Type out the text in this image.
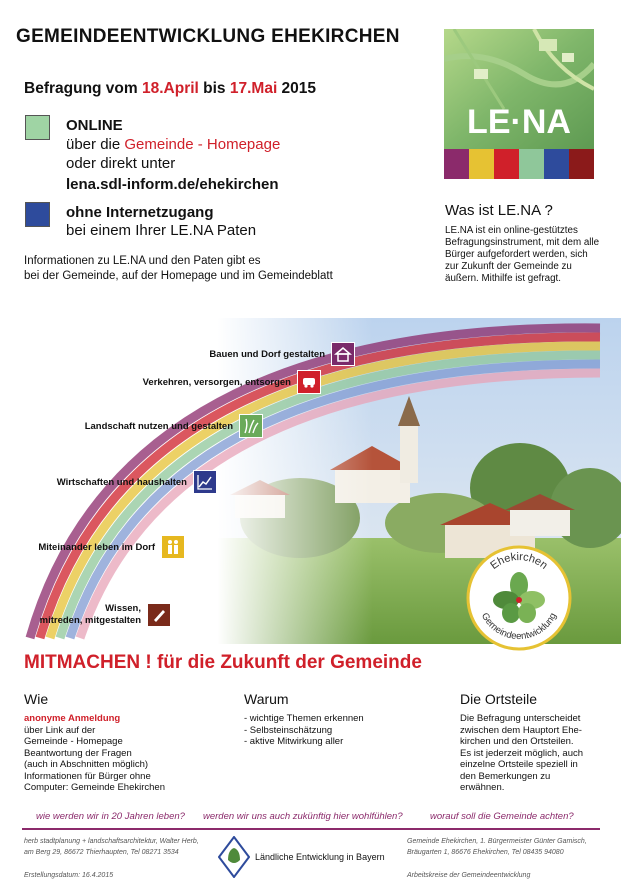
GEMEINDEENTWICKLUNG EHEKIRCHEN
Befragung vom 18.April bis 17.Mai 2015
ONLINE
über die Gemeinde - Homepage
oder direkt unter
lena.sdl-inform.de/ehekirchen
ohne Internetzugang
bei einem Ihrer LE.NA Paten
Informationen zu LE.NA und den Paten gibt es
bei der Gemeinde, auf der Homepage und im Gemeindeblatt
LE·NA
Was ist LE.NA ?
LE.NA ist ein online-gestütztes Befragungsinstrument, mit dem alle Bürger aufgefordert werden, sich zur Zukunft der Gemeinde zu äußern. Mithilfe ist gefragt.
Bauen und Dorf gestalten
Verkehren, versorgen, entsorgen
Landschaft nutzen und gestalten
Wirtschaften und haushalten
Miteinander leben im Dorf
Wissen,
mitreden, mitgestalten
Ehekirchen
Gemeindeentwicklung
MITMACHEN ! für die Zukunft der Gemeinde
Wie
anonyme Anmeldung
über Link auf der
Gemeinde - Homepage
Beantwortung der Fragen
(auch in Abschnitten möglich)
Informationen für Bürger ohne
Computer: Gemeinde Ehekirchen
Warum
- wichtige Themen erkennen
- Selbsteinschätzung
- aktive Mitwirkung aller
Die Ortsteile
Die Befragung unterscheidet
zwischen dem Hauptort Ehe-
kirchen und den Ortsteilen.
Es ist jederzeit möglich, auch
einzelne Ortsteile speziell in
den Bemerkungen zu
erwähnen.
wie werden wir in 20 Jahren leben? werden wir uns auch zukünftig hier wohlfühlen?	worauf soll die Gemeinde achten?
herb stadtplanung + landschaftsarchitektur, Walter Herb,
am Berg 29, 86672 Thierhaupten, Tel 08271 3534
Erstellungsdatum: 16.4.2015
Ländliche Entwicklung in Bayern
Gemeinde Ehekirchen, 1. Bürgermeister Günter Gamisch,
Bräugarten 1, 86676 Ehekirchen, Tel 08435 94080
Arbeitskreise der Gemeindeentwicklung
